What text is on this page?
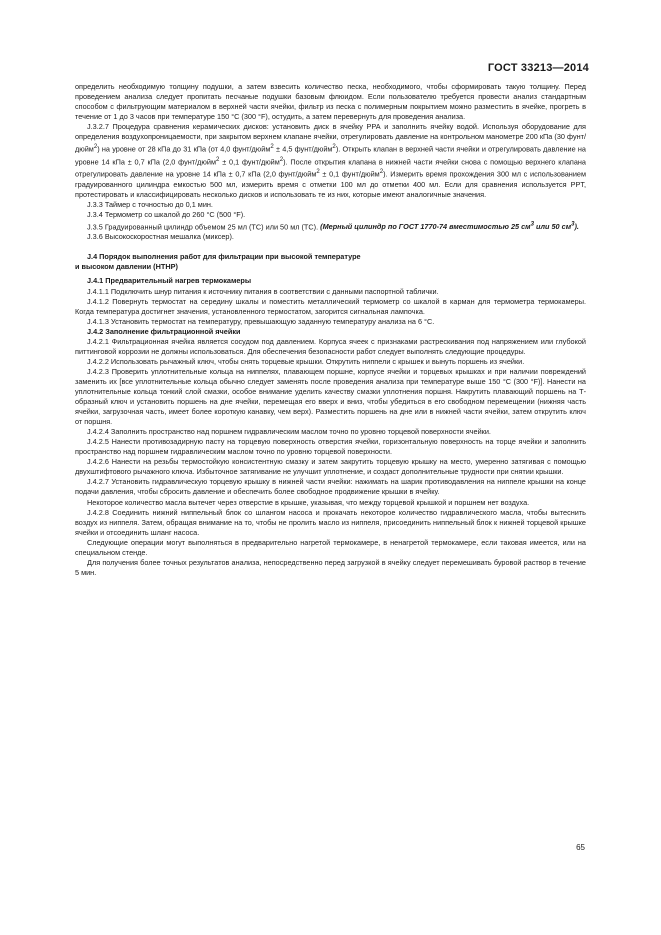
ГОСТ 33213—2014

определить необходимую толщину подушки, а затем взвесить количество песка, необходимого, чтобы сформировать такую толщину. Перед проведением анализа следует пропитать песчаные подушки базовым флюидом. Если пользователю требуется провести анализ стандартным способом с фильтрующим материалом в верхней части ячейки, фильтр из песка с полимерным покрытием можно разместить в ячейке, прогреть в течение от 1 до 3 часов при температуре 150 °С (300 °F), остудить, а затем перевернуть для проведения анализа.

J.3.2.7 Процедура сравнения керамических дисков: установить диск в ячейку РРА и заполнить ячейку водой. Используя оборудование для определения воздухопроницаемости, при закрытом верхнем клапане ячейки, отрегулировать давление на контрольном манометре 200 кПа (30 фунт/дюйм$^2$) на уровне от 28 кПа до 31 кПа (от 4,0 фунт/дюйм$^2$ ± 4,5 фунт/дюйм$^2$). Открыть клапан в верхней части ячейки и отрегулировать давление на уровне 14 кПа ± 0,7 кПа (2,0 фунт/дюйм$^2$ ± 0,1 фунт/дюйм$^2$). После открытия клапана в нижней части ячейки снова с помощью верхнего клапана отрегулировать давление на уровне 14 кПа ± 0,7 кПа (2,0 фунт/дюйм$^2$ ± 0,1 фунт/дюйм$^2$). Измерить время прохождения 300 мл с использованием градуированного цилиндра емкостью 500 мл, измерить время с отметки 100 мл до отметки 400 мл. Если для сравнения используется PPT, протестировать и классифицировать несколько дисков и использовать те из них, которые имеют аналогичные значения.

J.3.3 Таймер с точностью до 0,1 мин.

J.3.4 Термометр со шкалой до 260 °С (500 °F).

J.3.5 Градуированный цилиндр объемом 25 мл (ТС) или 50 мл (ТС). (Мерный цилиндр по ГОСТ 1770-74 вместимостью 25 $см^3$ или 50 $см^3$).

J.3.6 Высокоскоростная мешалка (миксер).

J.4 Порядок выполнения работ для фильтрации при высокой температуре
и высоком давлении (НТНР)

J.4.1 Предварительный нагрев термокамеры

J.4.1.1 Подключить шнур питания к источнику питания в соответствии с данными паспортной таблички.

J.4.1.2 Повернуть термостат на середину шкалы и поместить металлический термометр со шкалой в карман для термометра термокамеры. Когда температура достигнет значения, установленного термостатом, загорится сигнальная лампочка.

J.4.1.3 Установить термостат на температуру, превышающую заданную температуру анализа на 6 °С.

J.4.2 Заполнение фильтрационной ячейки

J.4.2.1 Фильтрационная ячейка является сосудом под давлением. Корпуса ячеек с признаками растрескивания под напряжением или глубокой питтинговой коррозии не должны использоваться. Для обеспечения безопасности работ следует выполнять следующие процедуры.

J.4.2.2 Использовать рычажный ключ, чтобы снять торцевые крышки. Открутить ниппели с крышек и вынуть поршень из ячейки.

J.4.2.3 Проверить уплотнительные кольца на ниппелях, плавающем поршне, корпусе ячейки и торцевых крышках и при наличии повреждений заменить их [все уплотнительные кольца обычно следует заменять после проведения анализа при температуре выше 150 °С (300 °F)]. Нанести на уплотнительные кольца тонкий слой смазки, особое внимание уделить качеству смазки уплотнения поршня. Накрутить плавающий поршень на Т-образный ключ и установить поршень на дне ячейки, перемещая его вверх и вниз, чтобы убедиться в его свободном перемещении (нижняя часть ячейки, загрузочная часть, имеет более короткую канавку, чем верх). Разместить поршень на дне или в нижней части ячейки, затем открутить ключ от поршня.

J.4.2.4 Заполнить пространство над поршнем гидравлическим маслом точно по уровню торцевой поверхности ячейки.

J.4.2.5 Нанести противозадирную пасту на торцевую поверхность отверстия ячейки, горизонтальную поверхность на торце ячейки и заполнить пространство над поршнем гидравлическим маслом точно по уровню торцевой поверхности.

J.4.2.6 Нанести на резьбы термостойкую консистентную смазку и затем закрутить торцевую крышку на место, умеренно затягивая с помощью двухштифтового рычажного ключа. Избыточное затягивание не улучшит уплотнение, и создаст дополнительные трудности при снятии крышки.

J.4.2.7 Установить гидравлическую торцевую крышку в нижней части ячейки: нажимать на шарик противодавления на ниппеле крышки на конце подачи давления, чтобы сбросить давление и обеспечить более свободное продвижение крышки в ячейку.

Некоторое количество масла вытечет через отверстие в крышке, указывая, что между торцевой крышкой и поршнем нет воздуха.

J.4.2.8 Соединить нижний ниппельный блок со шлангом насоса и прокачать некоторое количество гидравлического масла, чтобы вытеснить воздух из ниппеля. Затем, обращая внимание на то, чтобы не пролить масло из ниппеля, присоединить ниппельный блок к нижней торцевой крышке ячейки и отсоединить шланг насоса.

Следующие операции могут выполняться в предварительно нагретой термокамере, в ненагретой термокамере, если таковая имеется, или на специальном стенде.

Для получения более точных результатов анализа, непосредственно перед загрузкой в ячейку следует перемешивать буровой раствор в течение 5 мин.

65
